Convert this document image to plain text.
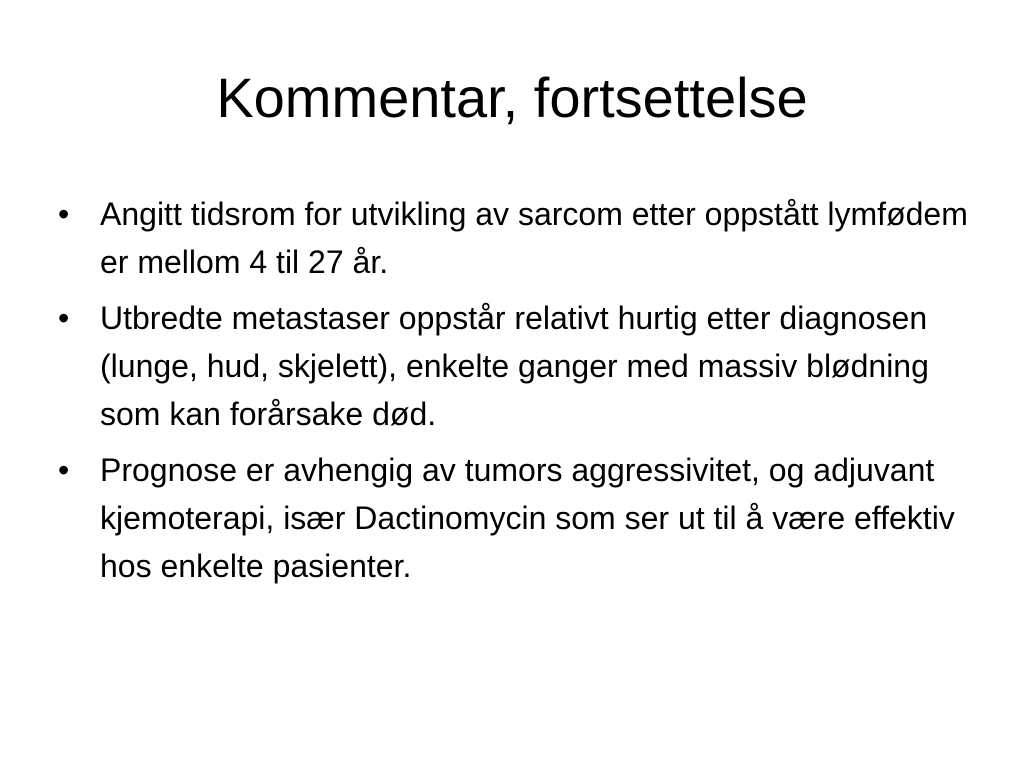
Kommentar, fortsettelse
• Angitt tidsrom for utvikling av sarcom etter oppstått lymfødem er mellom 4 til 27 år.
• Utbredte metastaser oppstår relativt hurtig etter diagnosen (lunge, hud, skjelett), enkelte ganger med massiv blødning som kan forårsake død.
• Prognose er avhengig av tumors aggressivitet, og adjuvant kjemoterapi, især Dactinomycin som ser ut til å være effektiv hos enkelte pasienter.
